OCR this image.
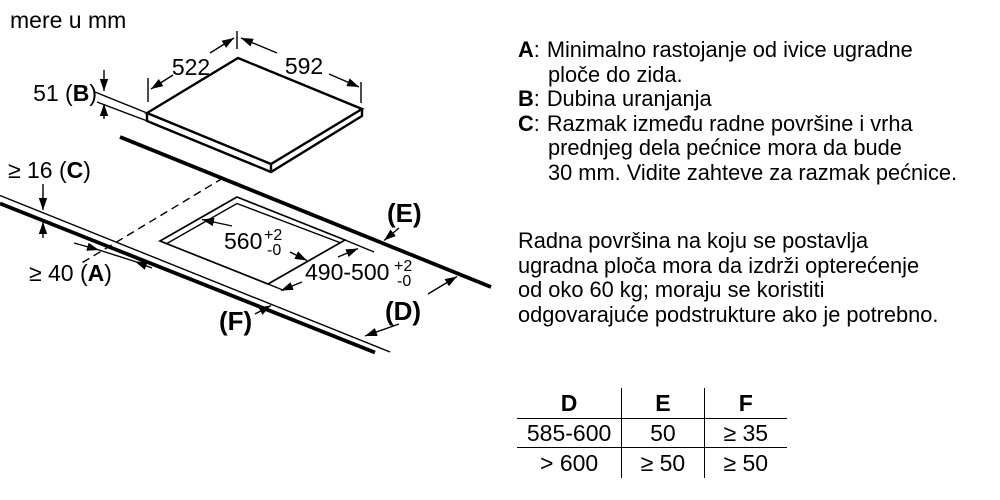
mere u mm
522	592
51 (B)
≥ 16 (C)
≥ 40 (A)
560 +2
-0
490-500 +2
-0
(E)
(D)
(F)
A: Minimalno rastojanje od ivice ugradne
ploče do zida.
B: Dubina uranjanja
C: Razmak između radne površine i vrha
prednjeg dela pećnice mora da bude
30 mm. Vidite zahteve za razmak pećnice.
Radna površina na koju se postavlja
ugradna ploča mora da izdrži opterećenje
od oko 60 kg; moraju se koristiti
odgovarajuće podstrukture ako je potrebno.
D	E	F
585-600	50	≥ 35
> 600	≥ 50	≥ 50
